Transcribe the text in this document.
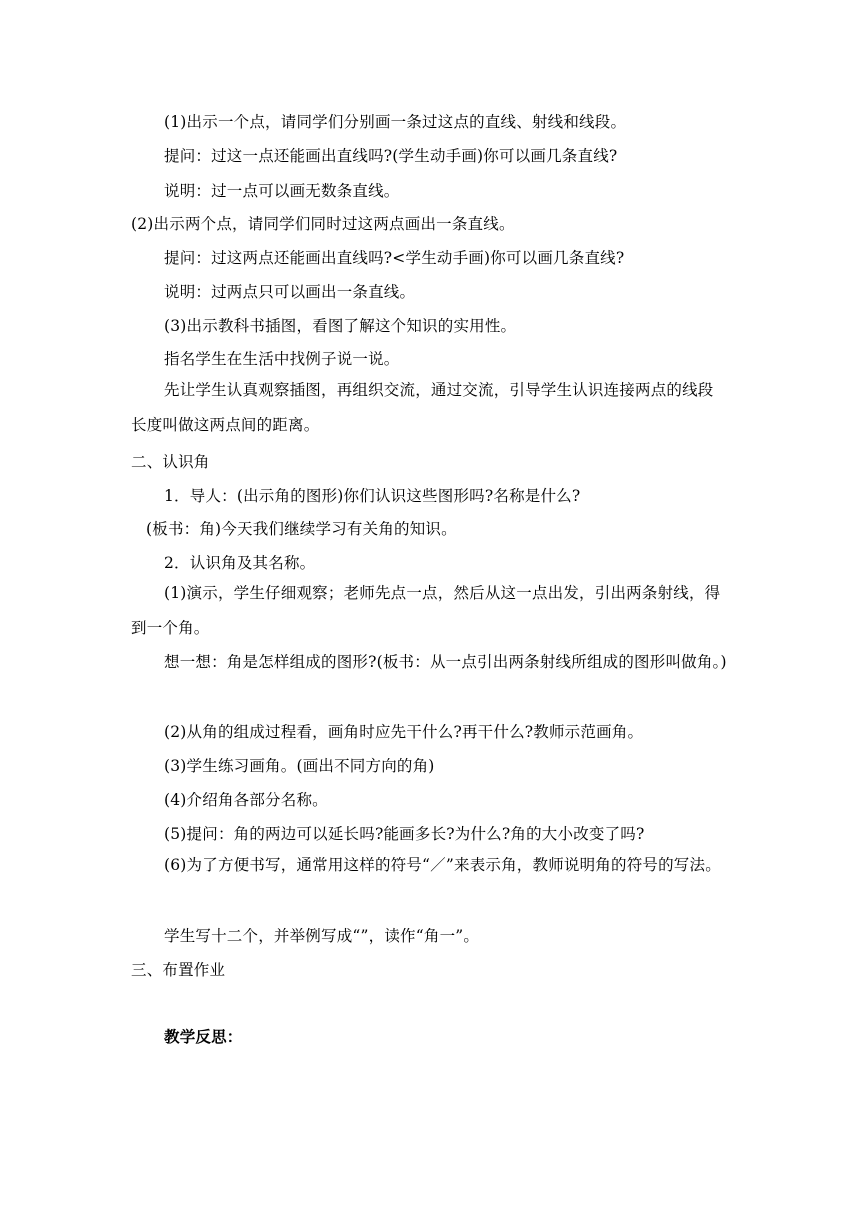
(1)出示一个点，请同学们分别画一条过这点的直线、射线和线段。
提问：过这一点还能画出直线吗?(学生动手画)你可以画几条直线?
说明：过一点可以画无数条直线。
(2)出示两个点，请同学们同时过这两点画出一条直线。
提问：过这两点还能画出直线吗?<学生动手画)你可以画几条直线?
说明：过两点只可以画出一条直线。
(3)出示教科书插图，看图了解这个知识的实用性。
指名学生在生活中找例子说一说。
先让学生认真观察插图，再组织交流，通过交流，引导学生认识连接两点的线段长度叫做这两点间的距离。
二、认识角
1．导人：(出示角的图形)你们认识这些图形吗?名称是什么?
(板书：角)今天我们继续学习有关角的知识。
2．认识角及其名称。
(1)演示，学生仔细观察；老师先点一点，然后从这一点出发，引出两条射线，得到一个角。
想一想：角是怎样组成的图形?(板书：从一点引出两条射线所组成的图形叫做角。)
(2)从角的组成过程看，画角时应先干什么?再干什么?教师示范画角。
(3)学生练习画角。(画出不同方向的角)
(4)介绍角各部分名称。
(5)提问：角的两边可以延长吗?能画多长?为什么?角的大小改变了吗?
(6)为了方便书写，通常用这样的符号“／”来表示角，教师说明角的符号的写法。
学生写十二个，并举例写成“”，读作“角一”。
三、布置作业
教学反思：
